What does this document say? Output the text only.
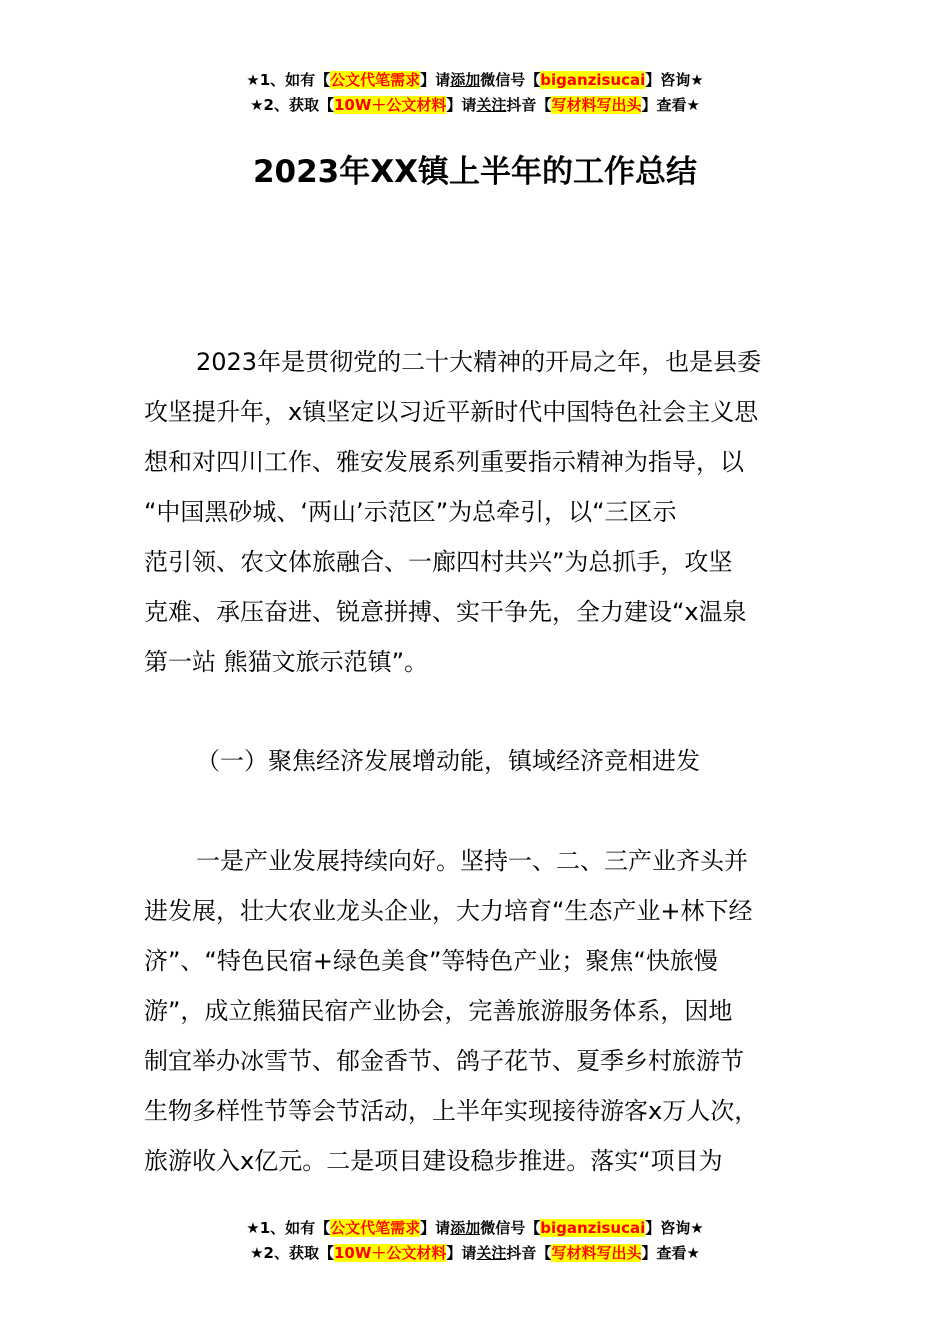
★1、如有【公文代笔需求】请添加微信号【biganzisucai】咨询★
★2、获取【10W＋公文材料】请关注抖音【写材料写出头】查看★
2023年XX镇上半年的工作总结
2023年是贯彻党的二十大精神的开局之年，也是县委
攻坚提升年，x镇坚定以习近平新时代中国特色社会主义思
想和对四川工作、雅安发展系列重要指示精神为指导，以
“中国黑砂城、‘两山’示范区”为总牵引，以“三区示
范引领、农文体旅融合、一廊四村共兴”为总抓手，攻坚
克难、承压奋进、锐意拼搏、实干争先，全力建设“x温泉
第一站 熊猫文旅示范镇”。
（一）聚焦经济发展增动能，镇域经济竞相进发
一是产业发展持续向好。坚持一、二、三产业齐头并
进发展，壮大农业龙头企业，大力培育“生态产业+林下经
济”、“特色民宿+绿色美食”等特色产业；聚焦“快旅慢
游”，成立熊猫民宿产业协会，完善旅游服务体系，因地
制宜举办冰雪节、郁金香节、鸽子花节、夏季乡村旅游节
生物多样性节等会节活动，上半年实现接待游客x万人次，
旅游收入x亿元。二是项目建设稳步推进。落实“项目为
★1、如有【公文代笔需求】请添加微信号【biganzisucai】咨询★
★2、获取【10W＋公文材料】请关注抖音【写材料写出头】查看★
